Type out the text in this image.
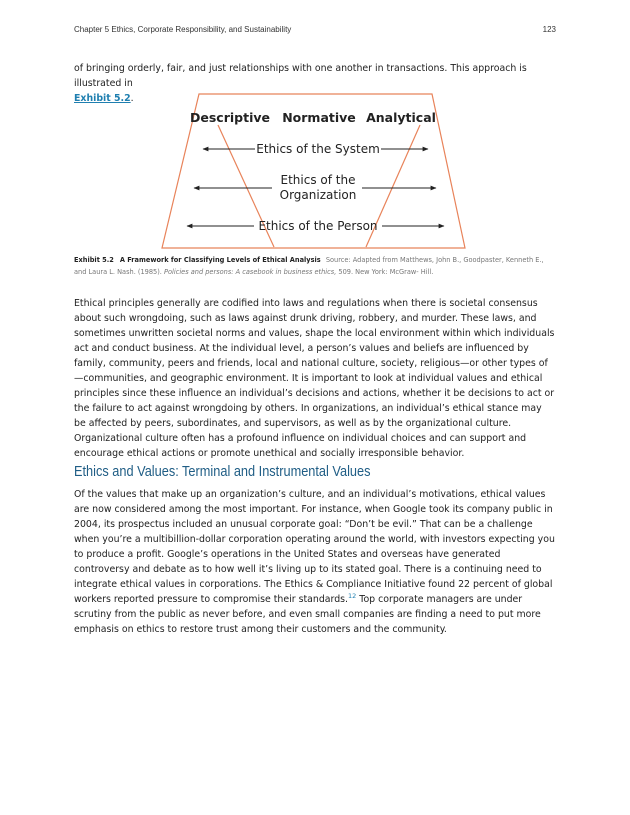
Chapter 5 Ethics, Corporate Responsibility, and Sustainability	123

of bringing orderly, fair, and just relationships with one another in transactions. This approach is illustrated in
Exhibit 5.2.

Descriptive Normative Analytical
Ethics of the System
Ethics of the
Organization
Ethics of the Person

Exhibit 5.2 A Framework for Classifying Levels of Ethical Analysis Source: Adapted from Matthews, John B., Goodpaster, Kenneth E., and Laura L. Nash. (1985). Policies and persons: A casebook in business ethics, 509. New York: McGraw- Hill.

Ethical principles generally are codified into laws and regulations when there is societal consensus about such wrongdoing, such as laws against drunk driving, robbery, and murder. These laws, and sometimes unwritten societal norms and values, shape the local environment within which individuals act and conduct business. At the individual level, a person’s values and beliefs are influenced by family, community, peers and friends, local and national culture, society, religious—or other types of—communities, and geographic environment. It is important to look at individual values and ethical principles since these influence an individual’s decisions and actions, whether it be decisions to act or the failure to act against wrongdoing by others. In organizations, an individual’s ethical stance may be affected by peers, subordinates, and supervisors, as well as by the organizational culture. Organizational culture often has a profound influence on individual choices and can support and encourage ethical actions or promote unethical and socially irresponsible behavior.

Ethics and Values: Terminal and Instrumental Values

Of the values that make up an organization’s culture, and an individual’s motivations, ethical values are now considered among the most important. For instance, when Google took its company public in 2004, its prospectus included an unusual corporate goal: “Don’t be evil.” That can be a challenge when you’re a multibillion-dollar corporation operating around the world, with investors expecting you to produce a profit. Google’s operations in the United States and overseas have generated controversy and debate as to how well it’s living up to its stated goal. There is a continuing need to integrate ethical values in corporations. The Ethics & Compliance Initiative found 22 percent of global workers reported pressure to compromise their standards.$^{12}$ Top corporate managers are under scrutiny from the public as never before, and even small companies are finding a need to put more emphasis on ethics to restore trust among their customers and the community.
